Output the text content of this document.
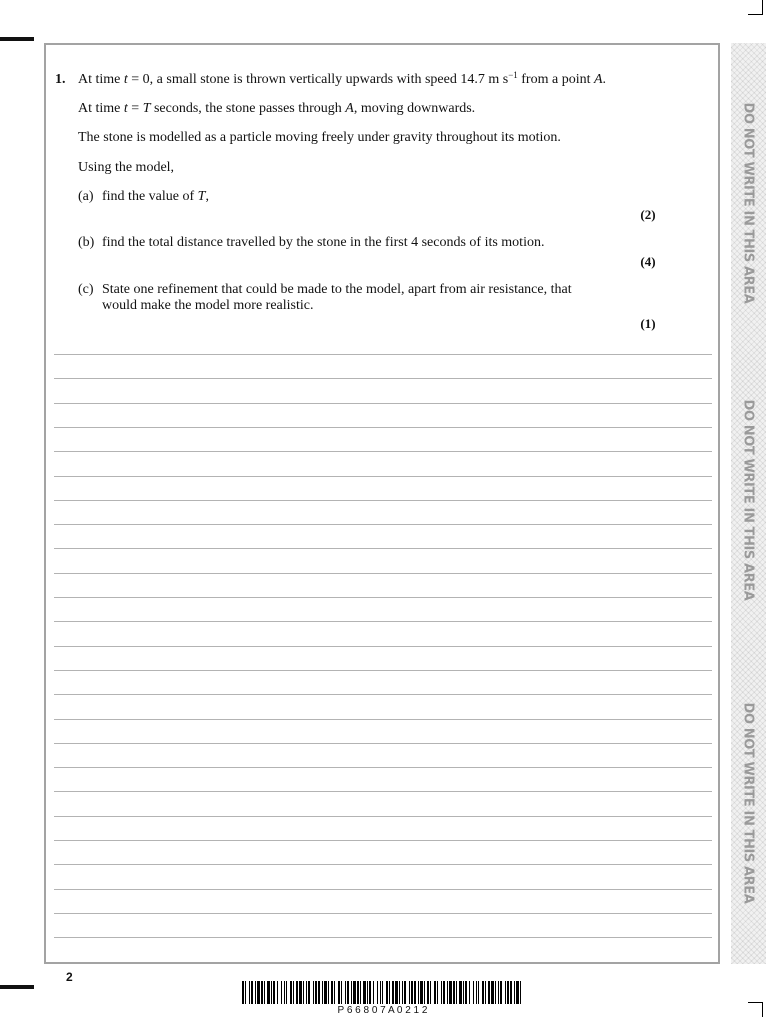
DO NOT WRITE IN THIS AREA
DO NOT WRITE IN THIS AREA
DO NOT WRITE IN THIS AREA
1. At time t = 0, a small stone is thrown vertically upwards with speed 14.7 m $s^{-1}$ from a point A.
At time t = T seconds, the stone passes through A, moving downwards.
The stone is modelled as a particle moving freely under gravity throughout its motion.
Using the model,
(a) find the value of T,
(2)
(b) find the total distance travelled by the stone in the first 4 seconds of its motion.
(4)
(c) State one refinement that could be made to the model, apart from air resistance, that
would make the model more realistic.
(1)
2
P 6 6 8 0 7 A 0 2 1 2
